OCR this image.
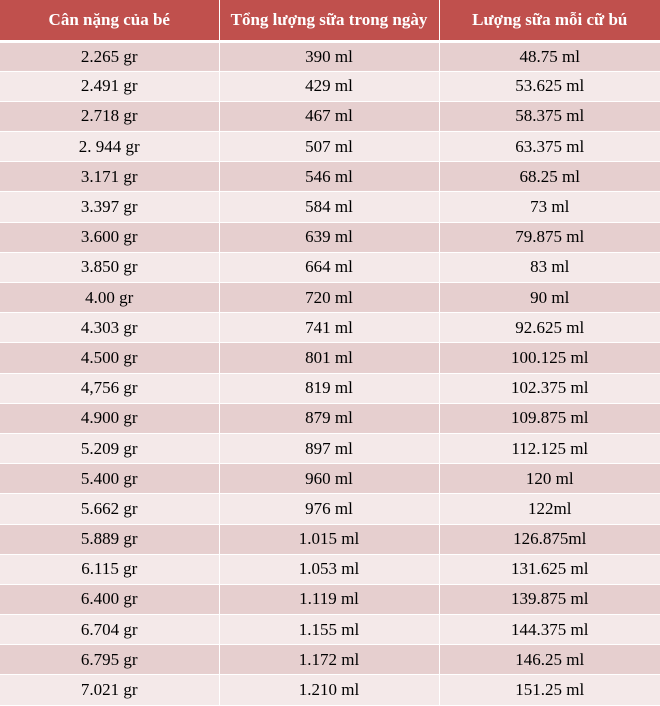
Cân nặng của bé	Tổng lượng sữa trong ngày	Lượng sữa mỗi cữ bú
2.265 gr	390 ml	48.75 ml
2.491 gr	429 ml	53.625 ml
2.718 gr	467 ml	58.375 ml
2. 944 gr	507 ml	63.375 ml
3.171 gr	546 ml	68.25 ml
3.397 gr	584 ml	73 ml
3.600 gr	639 ml	79.875 ml
3.850 gr	664 ml	83 ml
4.00 gr	720 ml	90 ml
4.303 gr	741 ml	92.625 ml
4.500 gr	801 ml	100.125 ml
4,756 gr	819 ml	102.375 ml
4.900 gr	879 ml	109.875 ml
5.209 gr	897 ml	112.125 ml
5.400 gr	960 ml	120 ml
5.662 gr	976 ml	122ml
5.889 gr	1.015 ml	126.875ml
6.115 gr	1.053 ml	131.625 ml
6.400 gr	1.119 ml	139.875 ml
6.704 gr	1.155 ml	144.375 ml
6.795 gr	1.172 ml	146.25 ml
7.021 gr	1.210 ml	151.25 ml
